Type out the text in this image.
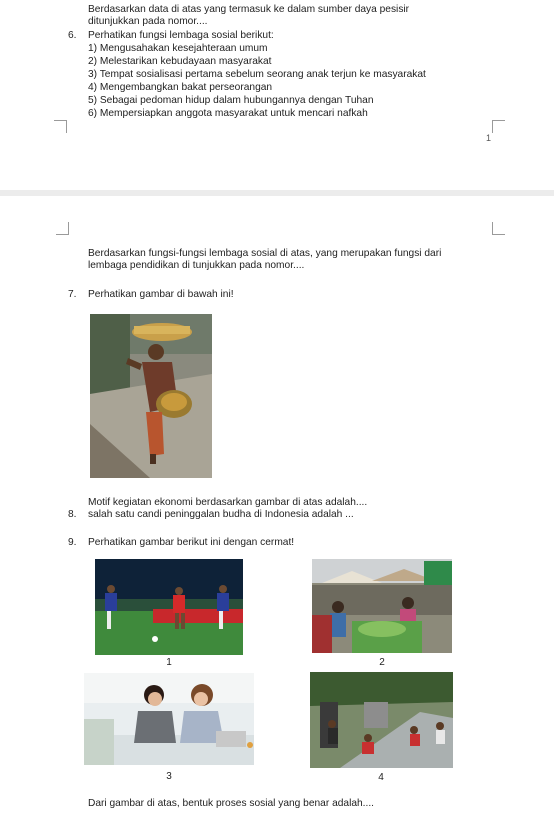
Berdasarkan data di atas yang termasuk ke dalam sumber daya pesisir
ditunjukkan pada nomor....
6. Perhatikan fungsi lembaga sosial berikut:
1) Mengusahakan kesejahteraan umum
2) Melestarikan kebudayaan masyarakat
3) Tempat sosialisasi pertama sebelum seorang anak terjun ke masyarakat
4) Mengembangkan bakat perseorangan
5) Sebagai pedoman hidup dalam hubungannya dengan Tuhan
6) Mempersiapkan anggota masyarakat untuk mencari nafkah
1
Berdasarkan fungsi-fungsi lembaga sosial di atas, yang merupakan fungsi dari
lembaga pendidikan di tunjukkan pada nomor....
7. Perhatikan gambar di bawah ini!
Motif kegiatan ekonomi berdasarkan gambar di atas adalah....
8. salah satu candi peninggalan budha di Indonesia adalah ...
9. Perhatikan gambar berikut ini dengan cermat!
1	2
3	4
Dari gambar di atas, bentuk proses sosial yang benar adalah....
